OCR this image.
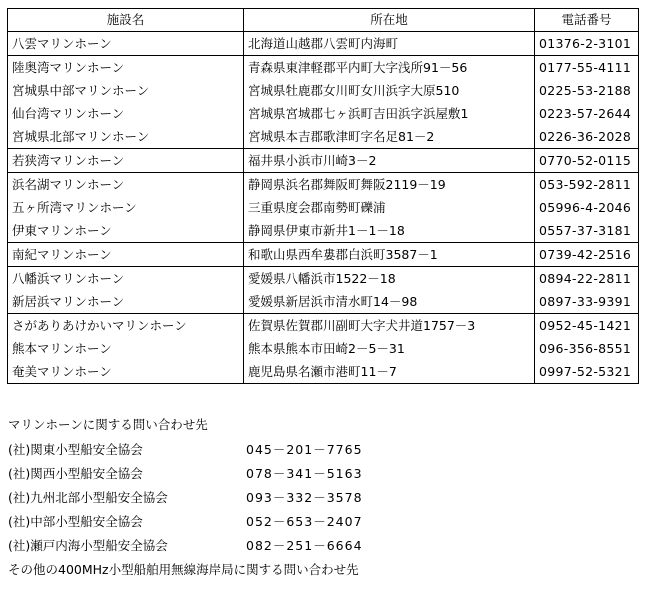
施設名	所在地	電話番号
八雲マリンホーン	北海道山越郡八雲町内海町	01376-2-3101
陸奥湾マリンホーン	青森県東津軽郡平内町大字浅所91－56	0177-55-4111
宮城県中部マリンホーン	宮城県牡鹿郡女川町女川浜字大原510	0225-53-2188
仙台湾マリンホーン	宮城県宮城郡七ヶ浜町吉田浜字浜屋敷1	0223-57-2644
宮城県北部マリンホーン	宮城県本吉郡歌津町字名足81－2	0226-36-2028
若狭湾マリンホーン	福井県小浜市川崎3－2	0770-52-0115
浜名湖マリンホーン	静岡県浜名郡舞阪町舞阪2119－19	053-592-2811
五ヶ所湾マリンホーン	三重県度会郡南勢町礫浦	05996-4-2046
伊東マリンホーン	静岡県伊東市新井1－1－18	0557-37-3181
南紀マリンホーン	和歌山県西牟婁郡白浜町3587－1	0739-42-2516
八幡浜マリンホーン	愛媛県八幡浜市1522－18	0894-22-2811
新居浜マリンホーン	愛媛県新居浜市清水町14－98	0897-33-9391
さがありあけかいマリンホーン	佐賀県佐賀郡川副町大字犬井道1757－3	0952-45-1421
熊本マリンホーン	熊本県熊本市田崎2－5－31	096-356-8551
奄美マリンホーン	鹿児島県名瀬市港町11－7	0997-52-5321
マリンホーンに関する問い合わせ先
(社)関東小型船安全協会	045－201－7765
(社)関西小型船安全協会	078－341－5163
(社)九州北部小型船安全協会	093－332－3578
(社)中部小型船安全協会	052－653－2407
(社)瀬戸内海小型船安全協会	082－251－6664
その他の400MHz小型船舶用無線海岸局に関する問い合わせ先
